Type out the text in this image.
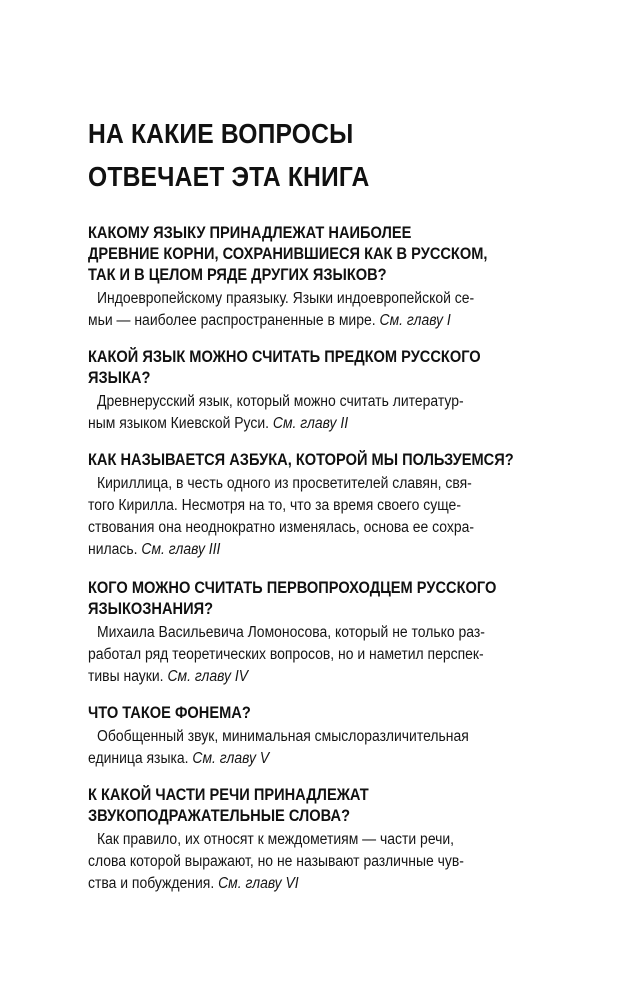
НА КАКИЕ ВОПРОСЫ
ОТВЕЧАЕТ ЭТА КНИГА
КАКОМУ ЯЗЫКУ ПРИНАДЛЕЖАТ НАИБОЛЕЕ
ДРЕВНИЕ КОРНИ, СОХРАНИВШИЕСЯ КАК В РУССКОМ,
ТАК И В ЦЕЛОМ РЯДЕ ДРУГИХ ЯЗЫКОВ?
Индоевропейскому праязыку. Языки индоевропейской се-
мьи — наиболее распространенные в мире. См. главу I
КАКОЙ ЯЗЫК МОЖНО СЧИТАТЬ ПРЕДКОМ РУССКОГО
ЯЗЫКА?
Древнерусский язык, который можно считать литератур-
ным языком Киевской Руси. См. главу II
КАК НАЗЫВАЕТСЯ АЗБУКА, КОТОРОЙ МЫ ПОЛЬЗУЕМСЯ?
Кириллица, в честь одного из просветителей славян, свя-
того Кирилла. Несмотря на то, что за время своего суще-
ствования она неоднократно изменялась, основа ее сохра-
нилась. См. главу III
КОГО МОЖНО СЧИТАТЬ ПЕРВОПРОХОДЦЕМ РУССКОГО
ЯЗЫКОЗНАНИЯ?
Михаила Васильевича Ломоносова, который не только раз-
работал ряд теоретических вопросов, но и наметил перспек-
тивы науки. См. главу IV
ЧТО ТАКОЕ ФОНЕМА?
Обобщенный звук, минимальная смыслоразличительная
единица языка. См. главу V
К КАКОЙ ЧАСТИ РЕЧИ ПРИНАДЛЕЖАТ
ЗВУКОПОДРАЖАТЕЛЬНЫЕ СЛОВА?
Как правило, их относят к междометиям — части речи,
слова которой выражают, но не называют различные чув-
ства и побуждения. См. главу VI
